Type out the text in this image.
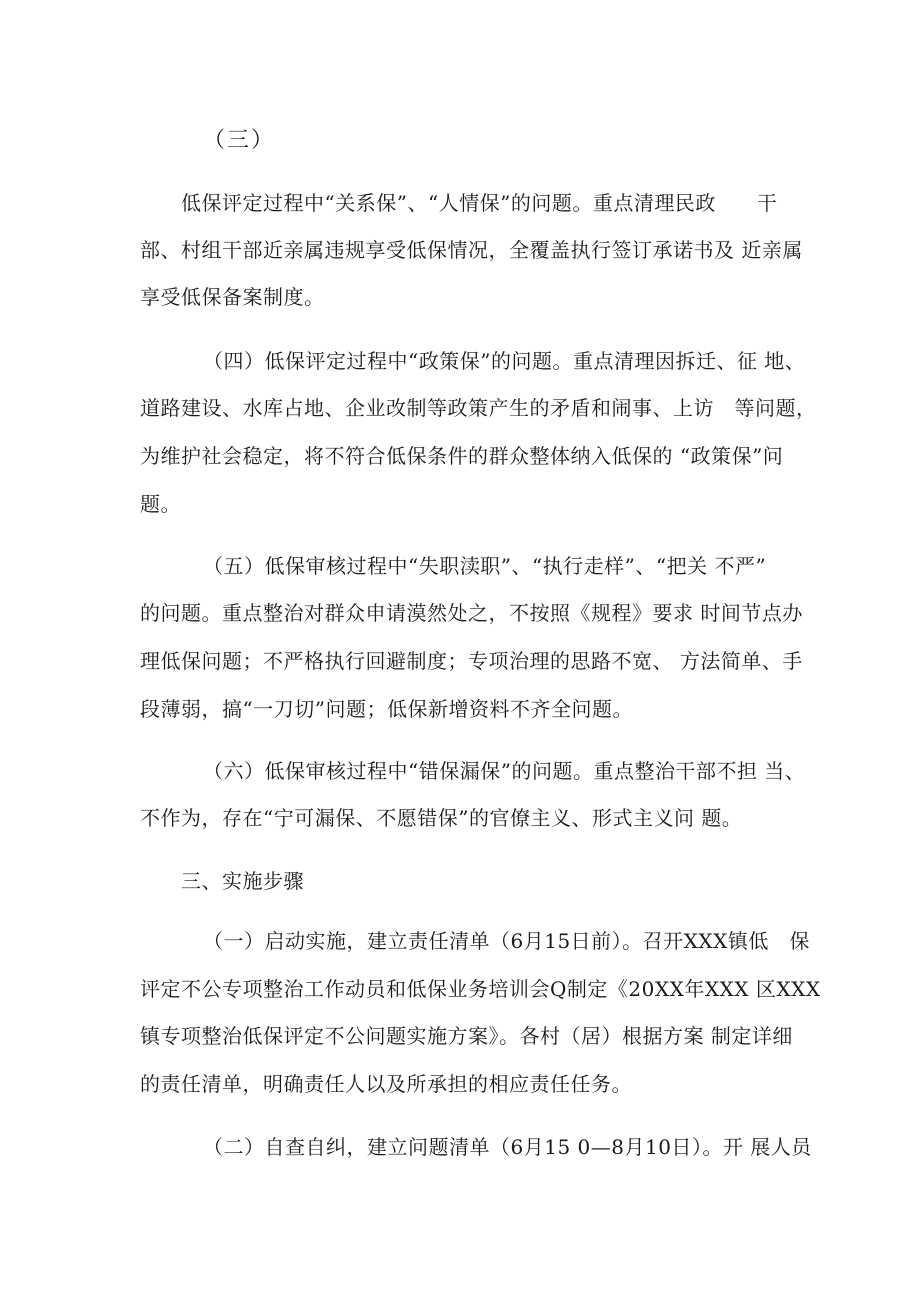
（三）
低保评定过程中“关系保”、“人情保”的问题。重点清理民政　　干
部、村组干部近亲属违规享受低保情况，全覆盖执行签订承诺书及 近亲属
享受低保备案制度。
（四）低保评定过程中“政策保”的问题。重点清理因拆迁、征 地、
道路建设、水库占地、企业改制等政策产生的矛盾和闹事、上访　等问题，
为维护社会稳定，将不符合低保条件的群众整体纳入低保的 “政策保”问
题。
（五）低保审核过程中“失职渎职”、“执行走样”、“把关 不严”
的问题。重点整治对群众申请漠然处之，不按照《规程》要求 时间节点办
理低保问题；不严格执行回避制度；专项治理的思路不宽、 方法简单、手
段薄弱，搞“一刀切”问题；低保新增资料不齐全问题。
（六）低保审核过程中“错保漏保”的问题。重点整治干部不担 当、
不作为，存在“宁可漏保、不愿错保”的官僚主义、形式主义问 题。
三、实施步骤
（一）启动实施，建立责任清单（6月15日前）。召开XXX镇低　保
评定不公专项整治工作动员和低保业务培训会Q制定《20XX年XXX 区XXX
镇专项整治低保评定不公问题实施方案》。各村（居）根据方案 制定详细
的责任清单，明确责任人以及所承担的相应责任任务。
（二）自查自纠，建立问题清单（6月15 0—8月10日）。开 展人员
